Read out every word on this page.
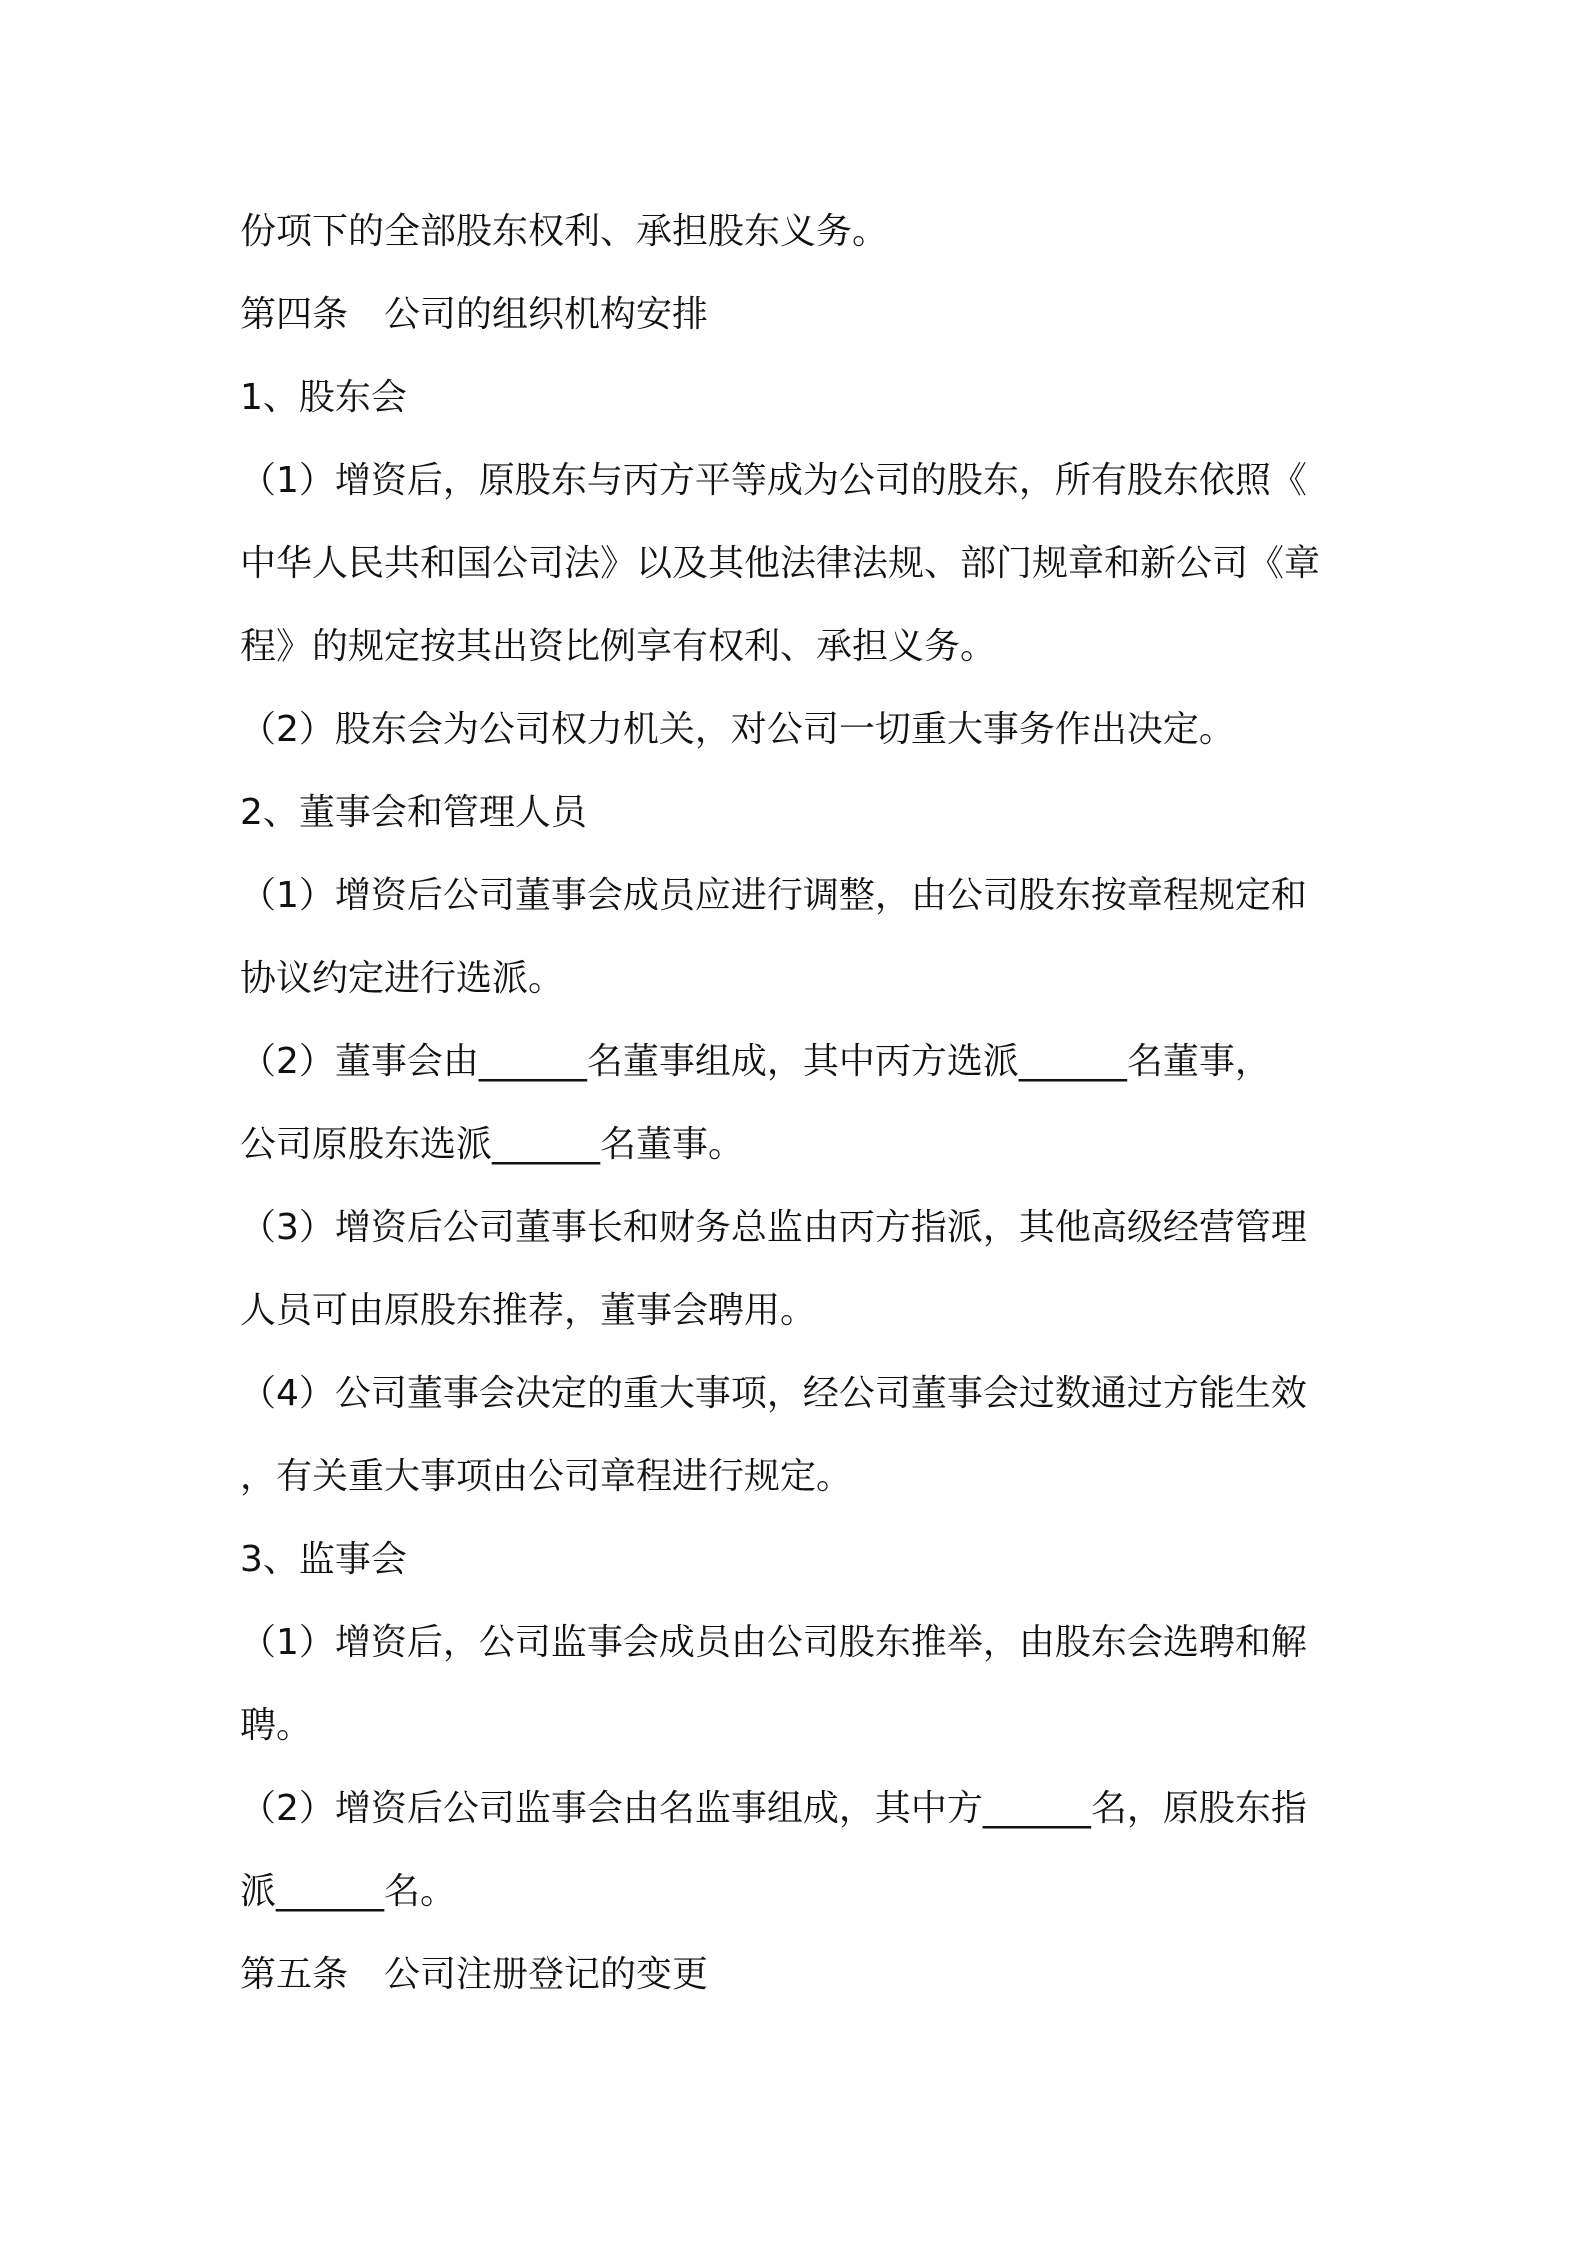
份项下的全部股东权利、承担股东义务。
第四条　公司的组织机构安排
1、股东会
（1）增资后，原股东与丙方平等成为公司的股东，所有股东依照《
中华人民共和国公司法》以及其他法律法规、部门规章和新公司《章
程》的规定按其出资比例享有权利、承担义务。
（2）股东会为公司权力机关，对公司一切重大事务作出决定。
2、董事会和管理人员
（1）增资后公司董事会成员应进行调整，由公司股东按章程规定和
协议约定进行选派。
（2）董事会由______名董事组成，其中丙方选派______名董事，
公司原股东选派______名董事。
（3）增资后公司董事长和财务总监由丙方指派，其他高级经营管理
人员可由原股东推荐，董事会聘用。
（4）公司董事会决定的重大事项，经公司董事会过数通过方能生效
，有关重大事项由公司章程进行规定。
3、监事会
（1）增资后，公司监事会成员由公司股东推举，由股东会选聘和解
聘。
（2）增资后公司监事会由名监事组成，其中方______名，原股东指
派______名。
第五条　公司注册登记的变更
